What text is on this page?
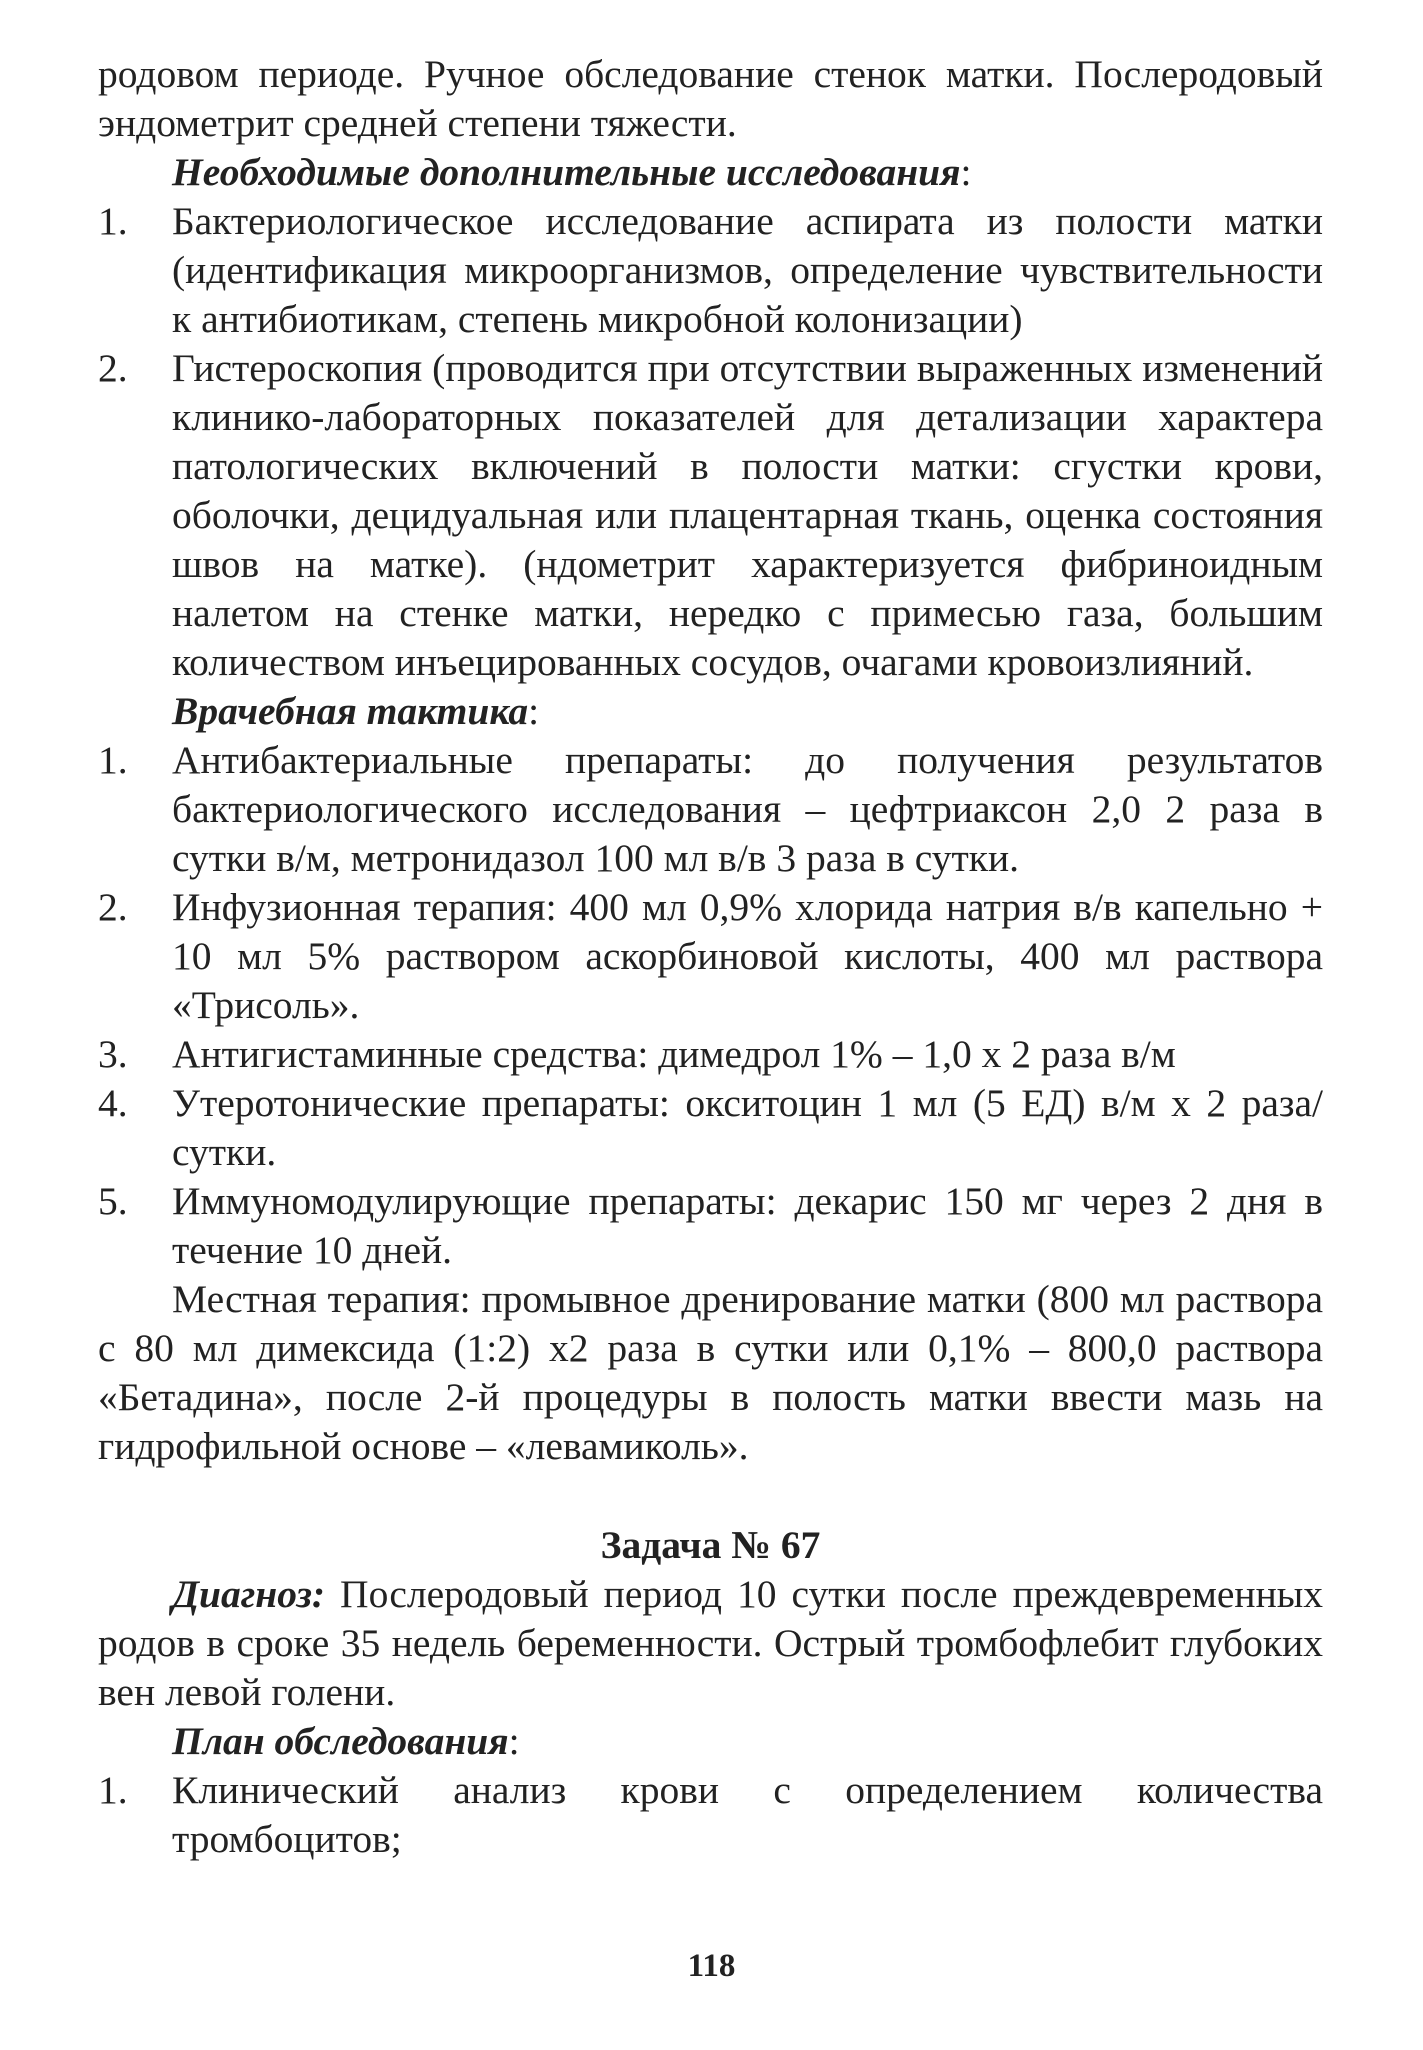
родовом периоде. Ручное обследование стенок матки. Послеродовый эндометрит средней степени тяжести.

Необходимые дополнительные исследования:
1.	Бактериологическое исследование аспирата из полости матки (идентификация микроорганизмов, определение чувствительности к антибиотикам, степень микробной колонизации)
2.	Гистероскопия (проводится при отсутствии выраженных изменений клинико-лабораторных показателей для детализации характера патологических включений в полости матки: сгустки крови, оболочки, децидуальная или плацентарная ткань, оценка состояния швов на матке). (ндометрит характеризуется фибриноидным налетом на стенке матки, нередко с примесью газа, большим количеством инъецированных сосудов, очагами кровоизлияний.
Врачебная тактика:
1.	Антибактериальные препараты: до получения результатов бактериологического исследования – цефтриаксон 2,0 2 раза в сутки в/м, метронидазол 100 мл в/в 3 раза в сутки.
2.	Инфузионная терапия: 400 мл 0,9% хлорида натрия в/в капельно + 10 мл 5% раствором аскорбиновой кислоты, 400 мл раствора «Трисоль».
3.	Антигистаминные средства: димедрол 1% – 1,0 х 2 раза в/м
4.	Утеротонические препараты: окситоцин 1 мл (5 ЕД) в/м х 2 раза/сутки.
5.	Иммуномодулирующие препараты: декарис 150 мг через 2 дня в течение 10 дней.

Местная терапия: промывное дренирование матки (800 мл раствора с 80 мл димексида (1:2) х2 раза в сутки или 0,1% – 800,0 раствора «Бетадина», после 2-й процедуры в полость матки ввести мазь на гидрофильной основе – «левамиколь».

Задача № 67

Диагноз: Послеродовый период 10 сутки после преждевременных родов в сроке 35 недель беременности. Острый тромбофлебит глубоких вен левой голени.

План обследования:
1.	Клинический анализ крови с определением количества тромбоцитов;
118
